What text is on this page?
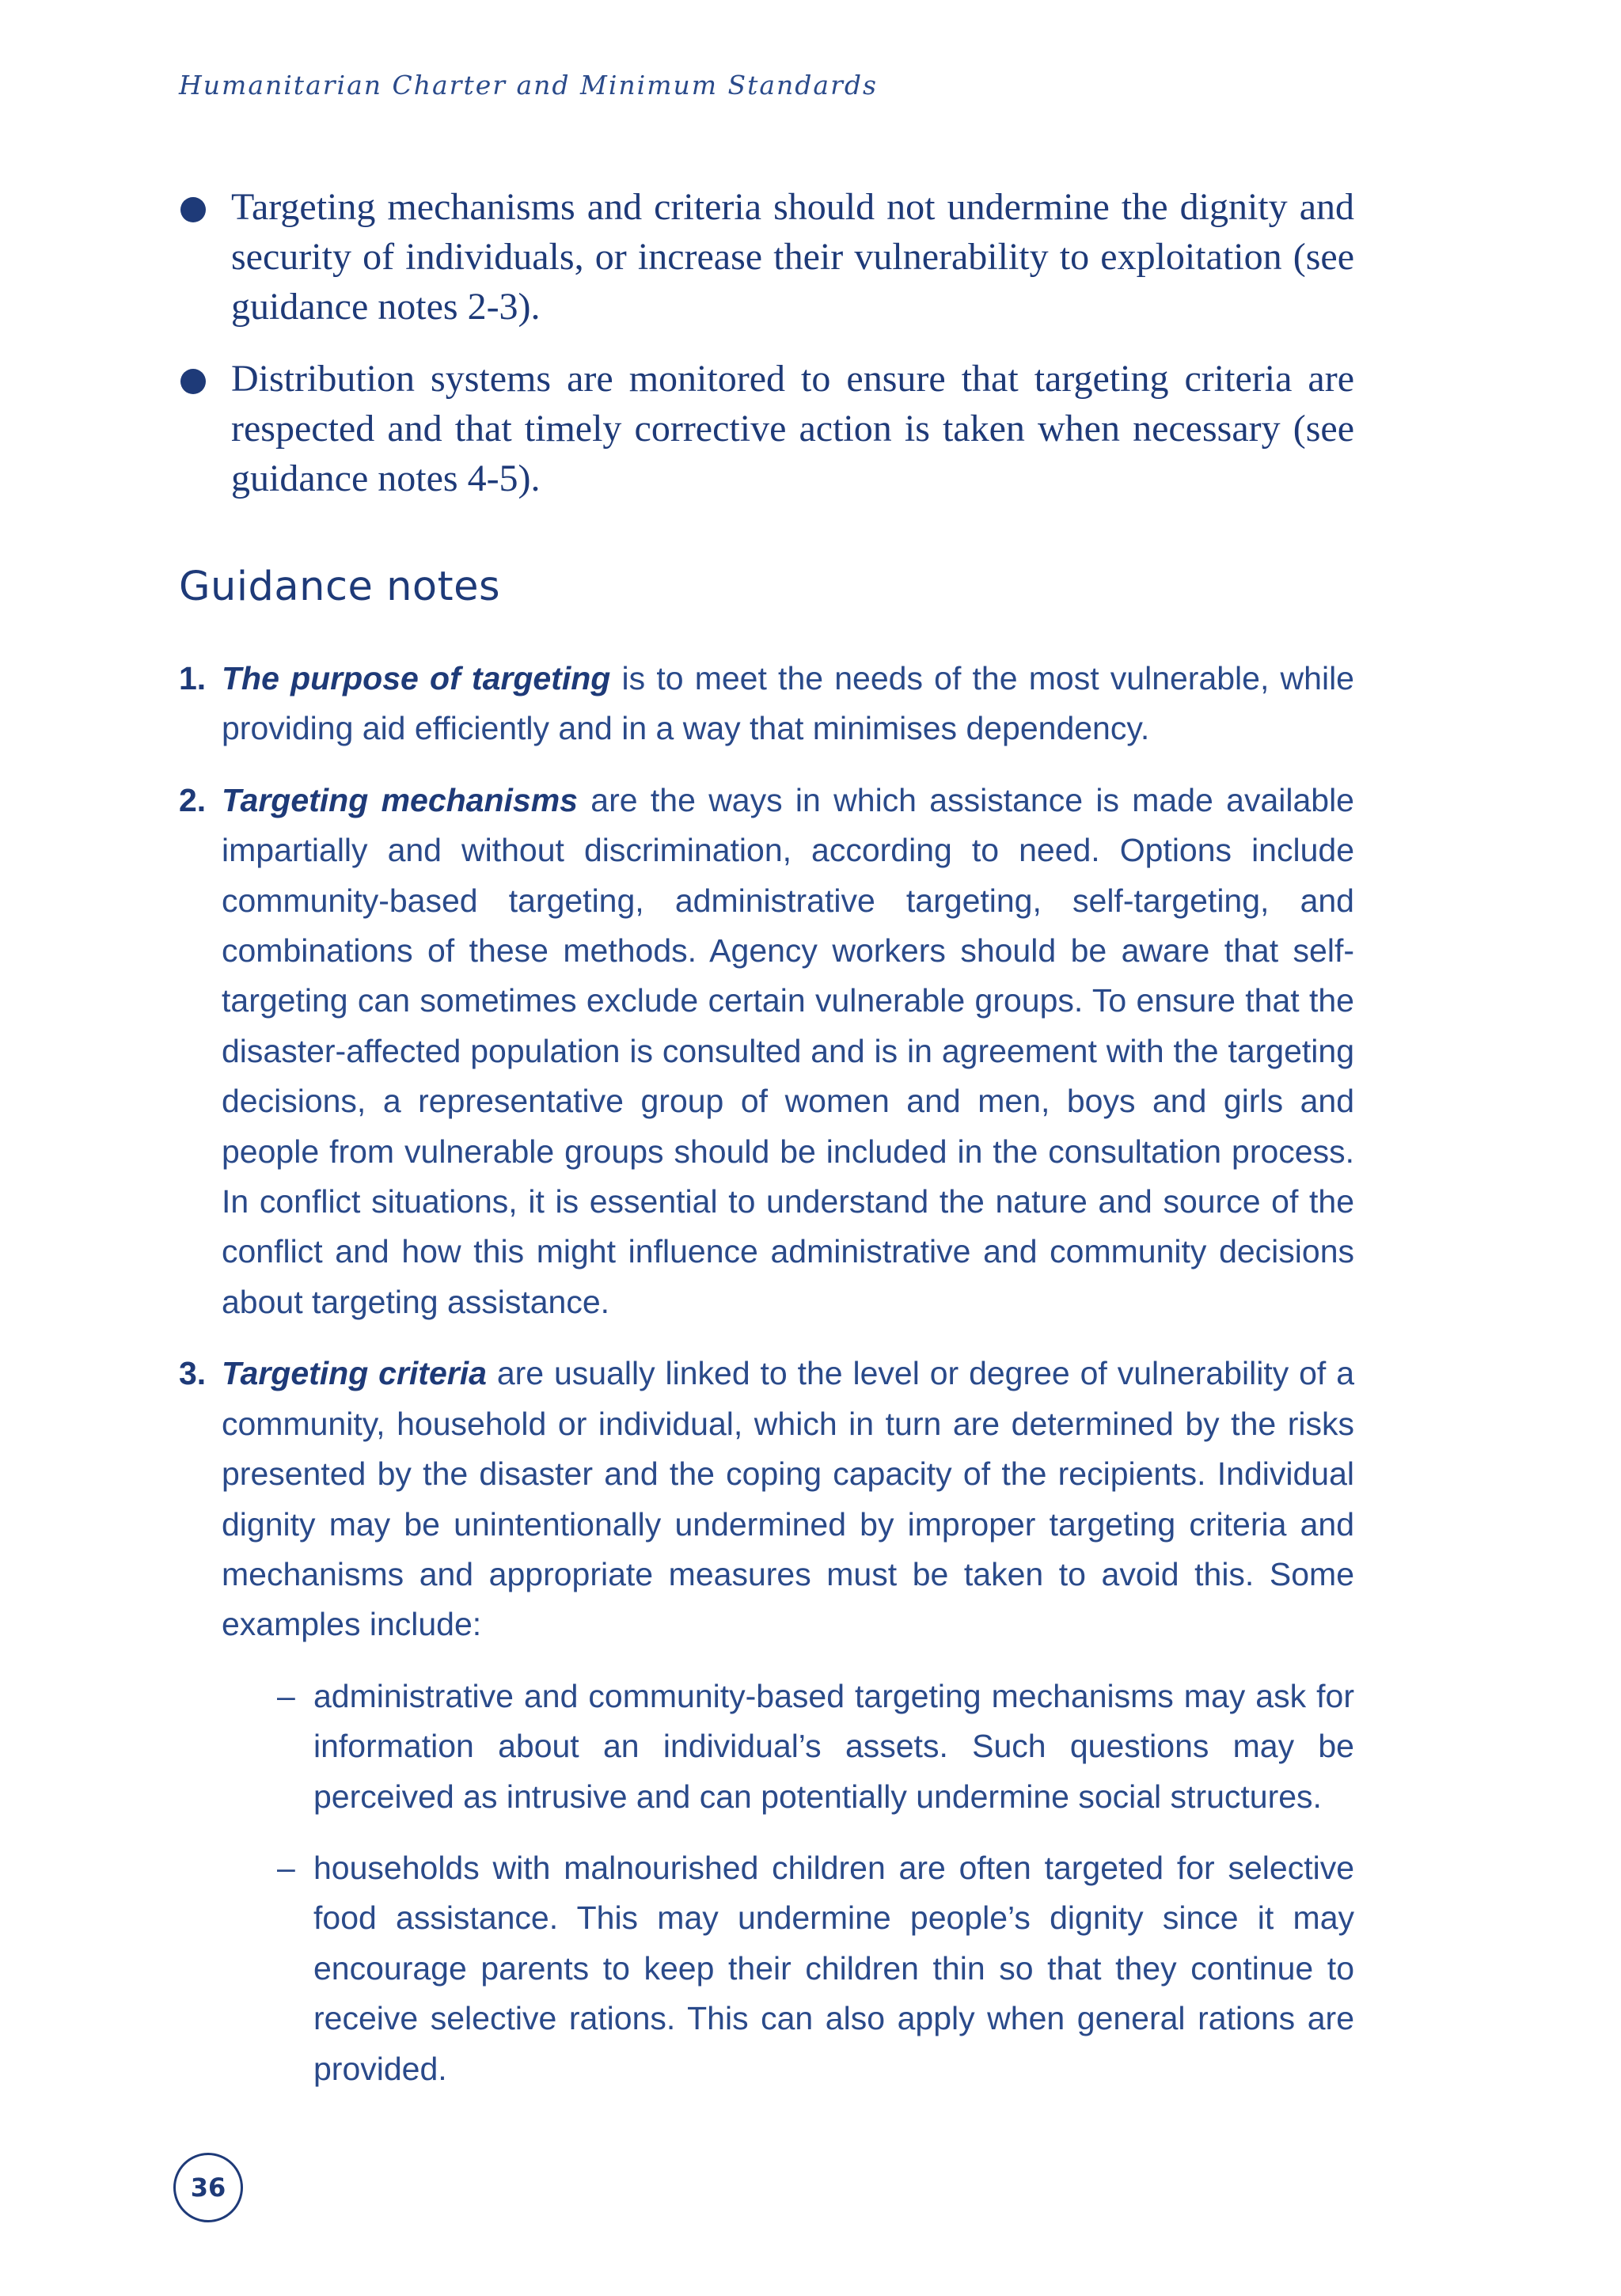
Humanitarian Charter and Minimum Standards
Targeting mechanisms and criteria should not undermine the dignity and security of individuals, or increase their vulnerability to exploitation (see guidance notes 2-3).
Distribution systems are monitored to ensure that targeting criteria are respected and that timely corrective action is taken when necessary (see guidance notes 4-5).
Guidance notes
1. The purpose of targeting is to meet the needs of the most vulnerable, while providing aid efficiently and in a way that minimises dependency.
2. Targeting mechanisms are the ways in which assistance is made available impartially and without discrimination, according to need. Options include community-based targeting, administrative targeting, self-targeting, and combinations of these methods. Agency workers should be aware that self-targeting can sometimes exclude certain vulnerable groups. To ensure that the disaster-affected population is consulted and is in agreement with the targeting decisions, a representative group of women and men, boys and girls and people from vulnerable groups should be included in the consultation process. In conflict situations, it is essential to understand the nature and source of the conflict and how this might influence administrative and community decisions about targeting assistance.
3. Targeting criteria are usually linked to the level or degree of vulnerability of a community, household or individual, which in turn are determined by the risks presented by the disaster and the coping capacity of the recipients. Individual dignity may be unintentionally undermined by improper targeting criteria and mechanisms and appropriate measures must be taken to avoid this. Some examples include:
– administrative and community-based targeting mechanisms may ask for information about an individual’s assets. Such questions may be perceived as intrusive and can potentially undermine social structures.
– households with malnourished children are often targeted for selective food assistance. This may undermine people’s dignity since it may encourage parents to keep their children thin so that they continue to receive selective rations. This can also apply when general rations are provided.
36
